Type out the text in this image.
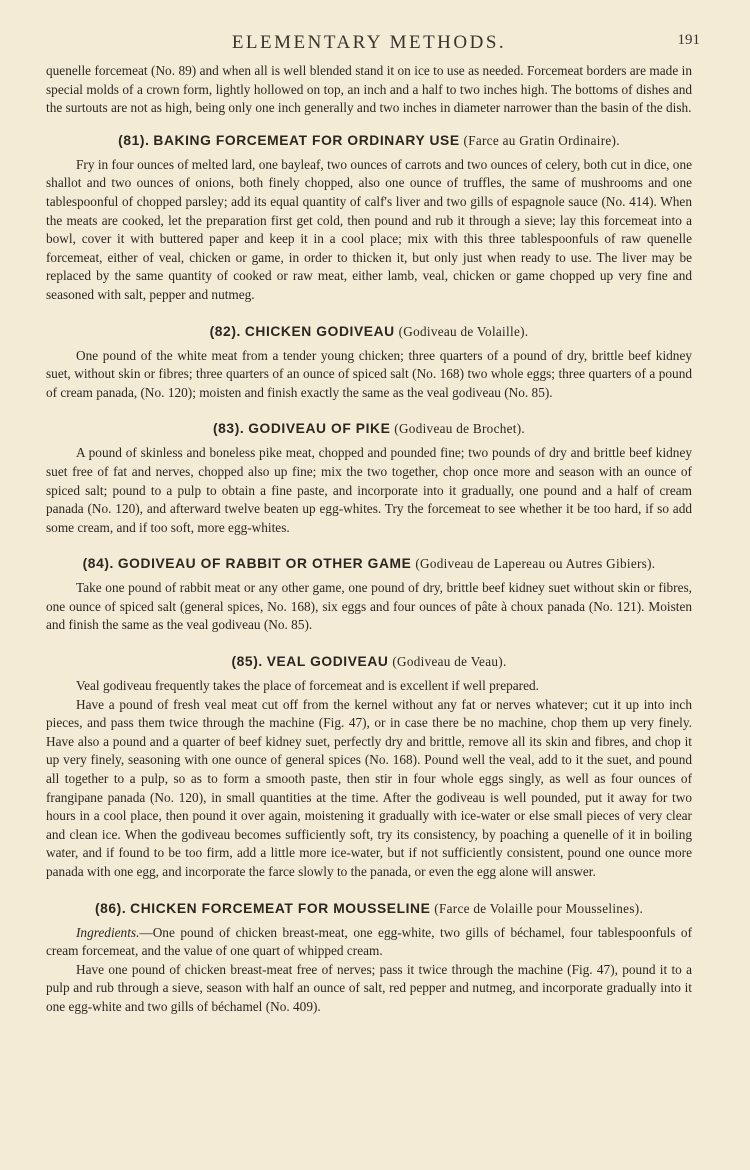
ELEMENTARY METHODS.	191

quenelle forcemeat (No. 89) and when all is well blended stand it on ice to use as needed. Forcemeat borders are made in special molds of a crown form, lightly hollowed on top, an inch and a half to two inches high. The bottoms of dishes and the surtouts are not as high, being only one inch generally and two inches in diameter narrower than the basin of the dish.

(81). BAKING FORCEMEAT FOR ORDINARY USE (Farce au Gratin Ordinaire).

Fry in four ounces of melted lard, one bayleaf, two ounces of carrots and two ounces of celery, both cut in dice, one shallot and two ounces of onions, both finely chopped, also one ounce of truffles, the same of mushrooms and one tablespoonful of chopped parsley; add its equal quantity of calf's liver and two gills of espagnole sauce (No. 414). When the meats are cooked, let the preparation first get cold, then pound and rub it through a sieve; lay this forcemeat into a bowl, cover it with buttered paper and keep it in a cool place; mix with this three tablespoonfuls of raw quenelle forcemeat, either of veal, chicken or game, in order to thicken it, but only just when ready to use. The liver may be replaced by the same quantity of cooked or raw meat, either lamb, veal, chicken or game chopped up very fine and seasoned with salt, pepper and nutmeg.

(82). CHICKEN GODIVEAU (Godiveau de Volaille).

One pound of the white meat from a tender young chicken; three quarters of a pound of dry, brittle beef kidney suet, without skin or fibres; three quarters of an ounce of spiced salt (No. 168) two whole eggs; three quarters of a pound of cream panada, (No. 120); moisten and finish exactly the same as the veal godiveau (No. 85).

(83). GODIVEAU OF PIKE (Godiveau de Brochet).

A pound of skinless and boneless pike meat, chopped and pounded fine; two pounds of dry and brittle beef kidney suet free of fat and nerves, chopped also up fine; mix the two together, chop once more and season with an ounce of spiced salt; pound to a pulp to obtain a fine paste, and incorporate into it gradually, one pound and a half of cream panada (No. 120), and afterward twelve beaten up egg-whites. Try the forcemeat to see whether it be too hard, if so add some cream, and if too soft, more egg-whites.

(84). GODIVEAU OF RABBIT OR OTHER GAME (Godiveau de Lapereau ou Autres Gibiers).

Take one pound of rabbit meat or any other game, one pound of dry, brittle beef kidney suet without skin or fibres, one ounce of spiced salt (general spices, No. 168), six eggs and four ounces of pâte à choux panada (No. 121). Moisten and finish the same as the veal godiveau (No. 85).

(85). VEAL GODIVEAU (Godiveau de Veau).

Veal godiveau frequently takes the place of forcemeat and is excellent if well prepared.

Have a pound of fresh veal meat cut off from the kernel without any fat or nerves whatever; cut it up into inch pieces, and pass them twice through the machine (Fig. 47), or in case there be no machine, chop them up very finely. Have also a pound and a quarter of beef kidney suet, perfectly dry and brittle, remove all its skin and fibres, and chop it up very finely, seasoning with one ounce of general spices (No. 168). Pound well the veal, add to it the suet, and pound all together to a pulp, so as to form a smooth paste, then stir in four whole eggs singly, as well as four ounces of frangipane panada (No. 120), in small quantities at the time. After the godiveau is well pounded, put it away for two hours in a cool place, then pound it over again, moistening it gradually with ice-water or else small pieces of very clear and clean ice. When the godiveau becomes sufficiently soft, try its consistency, by poaching a quenelle of it in boiling water, and if found to be too firm, add a little more ice-water, but if not sufficiently consistent, pound one ounce more panada with one egg, and incorporate the farce slowly to the panada, or even the egg alone will answer.

(86). CHICKEN FORCEMEAT FOR MOUSSELINE (Farce de Volaille pour Mousselines).

Ingredients.—One pound of chicken breast-meat, one egg-white, two gills of béchamel, four tablespoonfuls of cream forcemeat, and the value of one quart of whipped cream.

Have one pound of chicken breast-meat free of nerves; pass it twice through the machine (Fig. 47), pound it to a pulp and rub through a sieve, season with half an ounce of salt, red pepper and nutmeg, and incorporate gradually into it one egg-white and two gills of béchamel (No. 409).
